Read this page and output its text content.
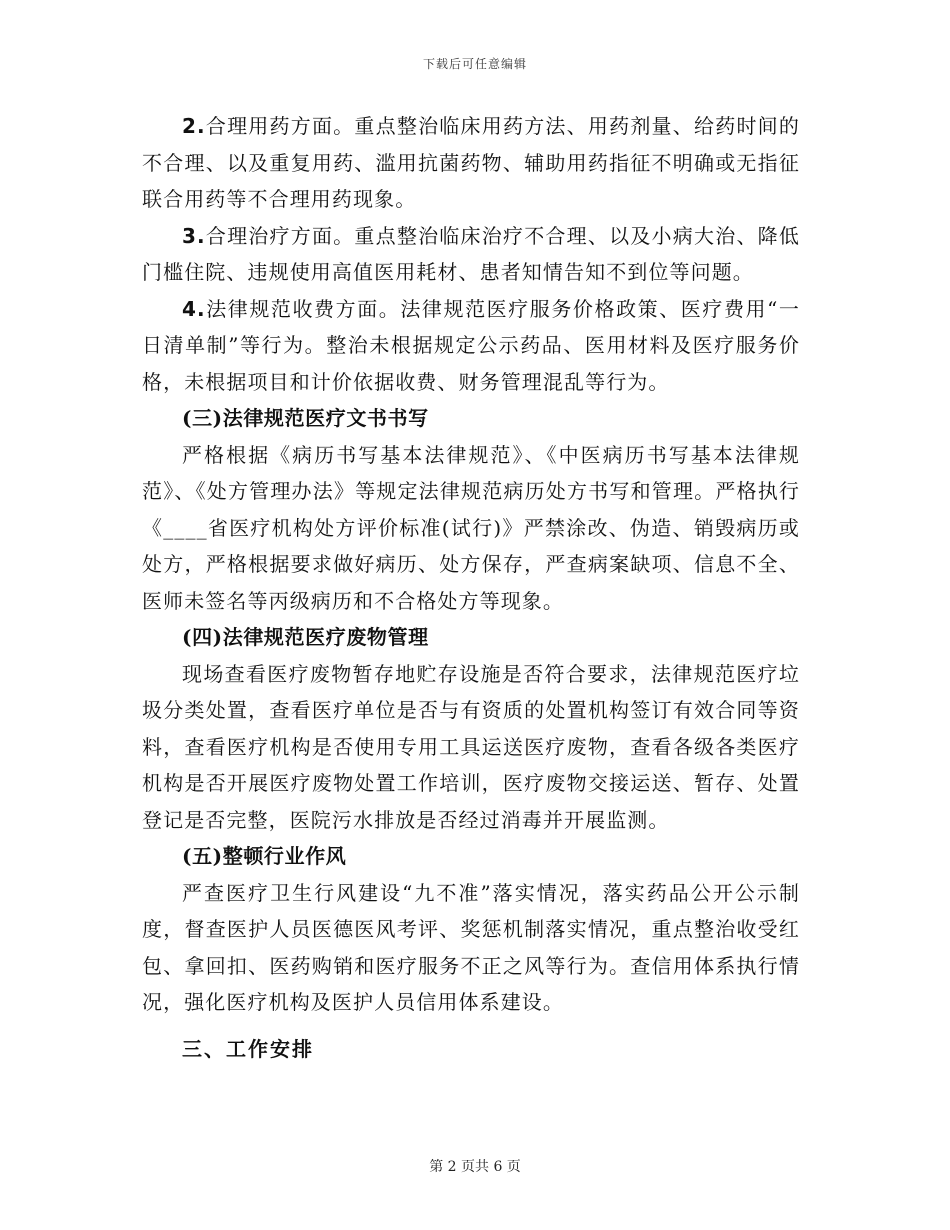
下载后可任意编辑

2.合理用药方面。重点整治临床用药方法、用药剂量、给药时间的不合理、以及重复用药、滥用抗菌药物、辅助用药指征不明确或无指征联合用药等不合理用药现象。

3.合理治疗方面。重点整治临床治疗不合理、以及小病大治、降低门槛住院、违规使用高值医用耗材、患者知情告知不到位等问题。

4.法律规范收费方面。法律规范医疗服务价格政策、医疗费用“一日清单制”等行为。整治未根据规定公示药品、医用材料及医疗服务价格，未根据项目和计价依据收费、财务管理混乱等行为。

(三)法律规范医疗文书书写

严格根据《病历书写基本法律规范》、《中医病历书写基本法律规范》、《处方管理办法》等规定法律规范病历处方书写和管理。严格执行《____省医疗机构处方评价标准(试行)》严禁涂改、伪造、销毁病历或处方，严格根据要求做好病历、处方保存，严查病案缺项、信息不全、医师未签名等丙级病历和不合格处方等现象。

(四)法律规范医疗废物管理

现场查看医疗废物暂存地贮存设施是否符合要求，法律规范医疗垃圾分类处置，查看医疗单位是否与有资质的处置机构签订有效合同等资料，查看医疗机构是否使用专用工具运送医疗废物，查看各级各类医疗机构是否开展医疗废物处置工作培训，医疗废物交接运送、暂存、处置登记是否完整，医院污水排放是否经过消毒并开展监测。

(五)整顿行业作风

严查医疗卫生行风建设“九不准”落实情况，落实药品公开公示制度，督查医护人员医德医风考评、奖惩机制落实情况，重点整治收受红包、拿回扣、医药购销和医疗服务不正之风等行为。查信用体系执行情况，强化医疗机构及医护人员信用体系建设。

三、工作安排

第 2 页共 6 页
